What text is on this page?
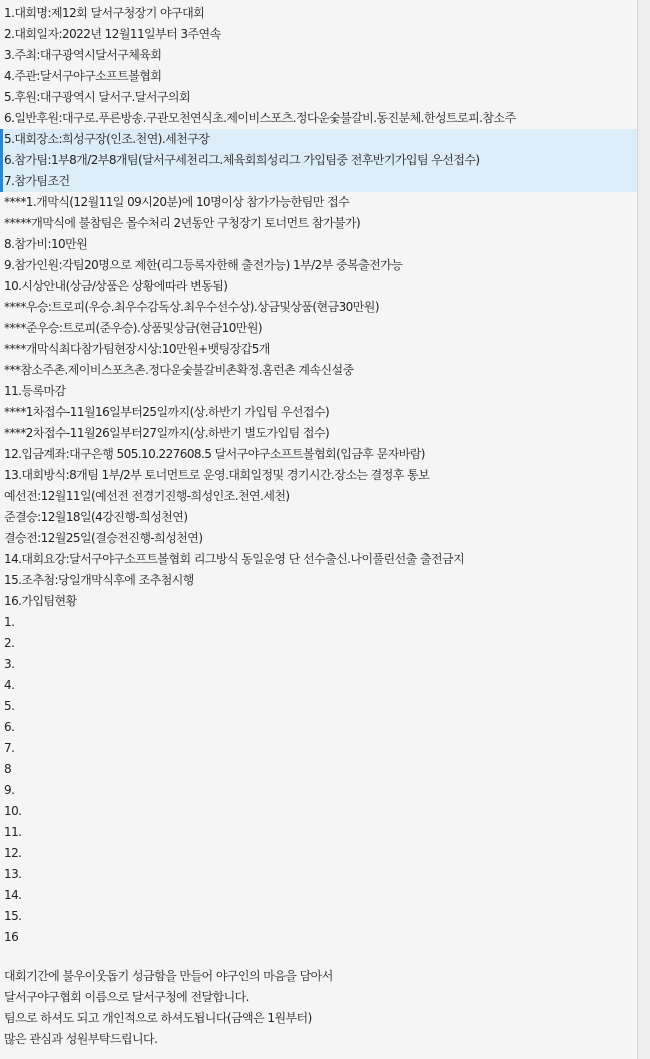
1.대회명:제12회 달서구청장기 야구대회
2.대회일자:2022년 12월11일부터 3주연속
3.주최:대구광역시달서구체육회
4.주관:달서구야구소프트볼협회
5.후원:대구광역시 달서구.달서구의회
6.일반후원:대구로.푸른방송.구관모천연식초.제이비스포츠.정다운숯불갈비.동진분체.한성트로피.참소주
5.대회장소:희성구장(인조.천연).세천구장
6.참가팀:1부8개/2부8개팀(달서구세천리그.체육회희성리그 가입팀중 전후반기가입팀 우선접수)
7.참가팀조건
****1.개막식(12월11일 09시20분)에 10명이상 참가가능한팀만 접수
*****개막식에 불참팀은 몰수처리 2년동안 구청장기 토너먼트 참가불가)
8.참가비:10만원
9.참가인원:각팀20명으로 제한(리그등록자한해 출전가능) 1부/2부 중복출전가능
10.시상안내(상금/상품은 상황에따라 변동됨)
****우승:트로피(우승.최우수감독상.최우수선수상).상금및상품(현금30만원)
****준우승:트로피(준우승).상품및상금(현금10만원)
****개막식최다참가팀현장시상:10만원+뱃팅장갑5개
***참소주촌.제이비스포츠촌.정다운숯불갈비촌확정.홈런촌 계속신설중
11.등록마감
****1차접수-11월16일부터25일까지(상.하반기 가입팀 우선접수)
****2차접수-11월26일부터27일까지(상.하반기 별도가입팀 접수)
12.입금계좌:대구은행 505.10.227608.5 달서구야구소프트볼협회(입금후 문자바람)
13.대회방식:8개팀 1부/2부 토너먼트로 운영.대회일정및 경기시간.장소는 결정후 통보
예선전:12월11일(예선전 전경기진행-희성인조.천연.세천)
준결승:12월18일(4강진행-희성천연)
결승전:12월25일(결승전진행-희성천연)
14.대회요강:달서구야구소프트볼협회 리그방식 동일운영 단 선수출신.나이풀린선출 출전금지
15.조추첨:당일개막식후에 조추첨시행
16.가입팀현황
1.
2.
3.
4.
5.
6.
7.
8
9.
10.
11.
12.
13.
14.
15.
16
대회기간에 불우이웃돕기 성금함을 만들어 야구인의 마음을 담아서
달서구야구협회 이름으로 달서구청에 전달합니다.
팀으로 하셔도 되고 개인적으로 하셔도됩니다(금액은 1원부터)
많은 관심과 성원부탁드립니다.
